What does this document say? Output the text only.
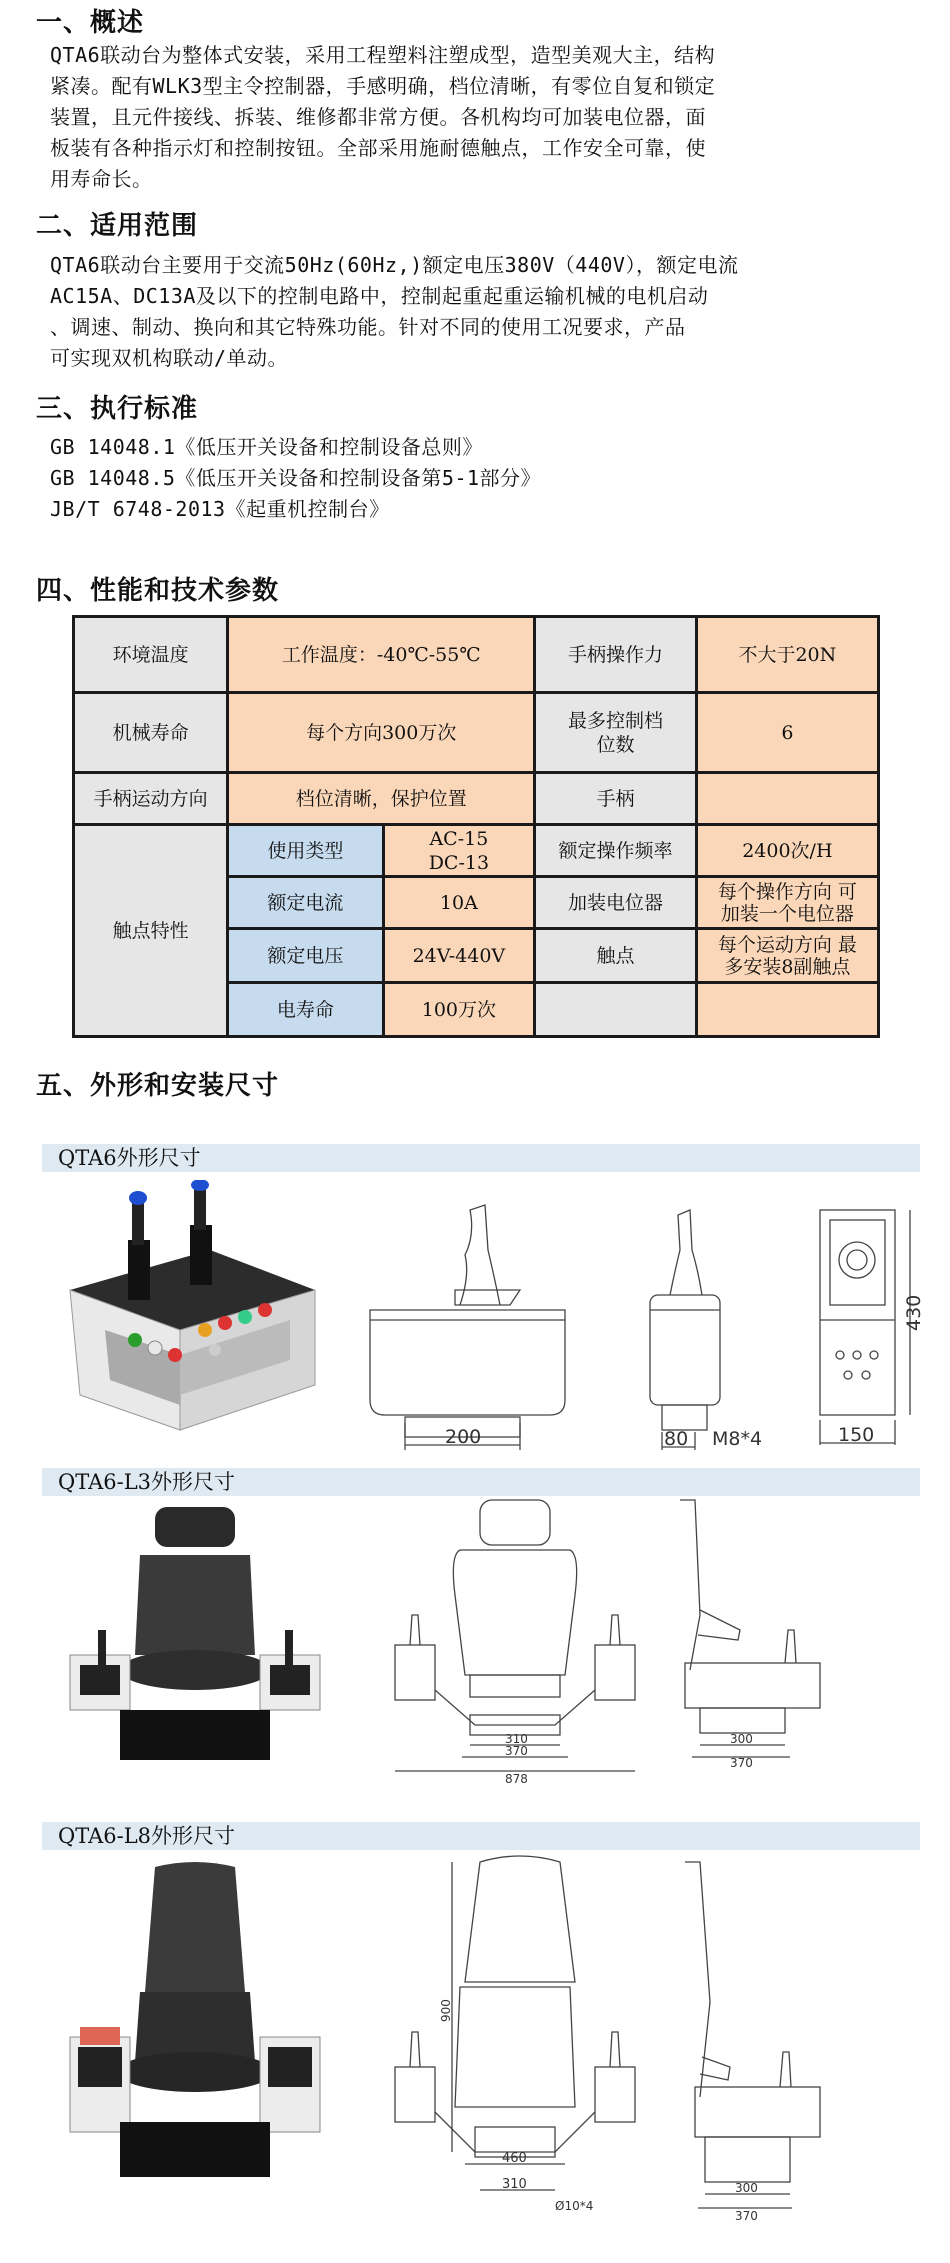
一、概述

QTA6联动台为整体式安装，采用工程塑料注塑成型，造型美观大主，结构

紧凑。配有WLK3型主令控制器，手感明确，档位清晰，有零位自复和锁定

装置，且元件接线、拆装、维修都非常方便。各机构均可加装电位器，面

板装有各种指示灯和控制按钮。全部采用施耐德触点，工作安全可靠，使

用寿命长。

二、适用范围

QTA6联动台主要用于交流50Hz(60Hz,)额定电压380V（440V），额定电流

AC15A、DC13A及以下的控制电路中，控制起重起重运输机械的电机启动

、调速、制动、换向和其它特殊功能。针对不同的使用工况要求，产品

可实现双机构联动/单动。

三、执行标准

GB 14048.1《低压开关设备和控制设备总则》

GB 14048.5《低压开关设备和控制设备第5-1部分》

JB/T 6748-2013《起重机控制台》

四、性能和技术参数
环境温度	工作温度：-40℃-55℃		手柄操作力	不大于20N
机械寿命	每个方向300万次		最多控制档位数	6
手柄运动方向	档位清晰，保护位置		手柄	
触点特性	使用类型	AC-15 DC-13	额定操作频率	2400次/H
	额定电流	10A	加装电位器	每个操作方向 可加装一个电位器
	额定电压	24V-440V	触点	每个运动方向 最多安装8副触点
	电寿命	100万次		
五、外形和安装尺寸
QTA6外形尺寸
200	80 M8*4
430
150
QTA6-L3外形尺寸
310
370
878
300
370
QTA6-L8外形尺寸
900
460
310
Ø10*4
300
370
